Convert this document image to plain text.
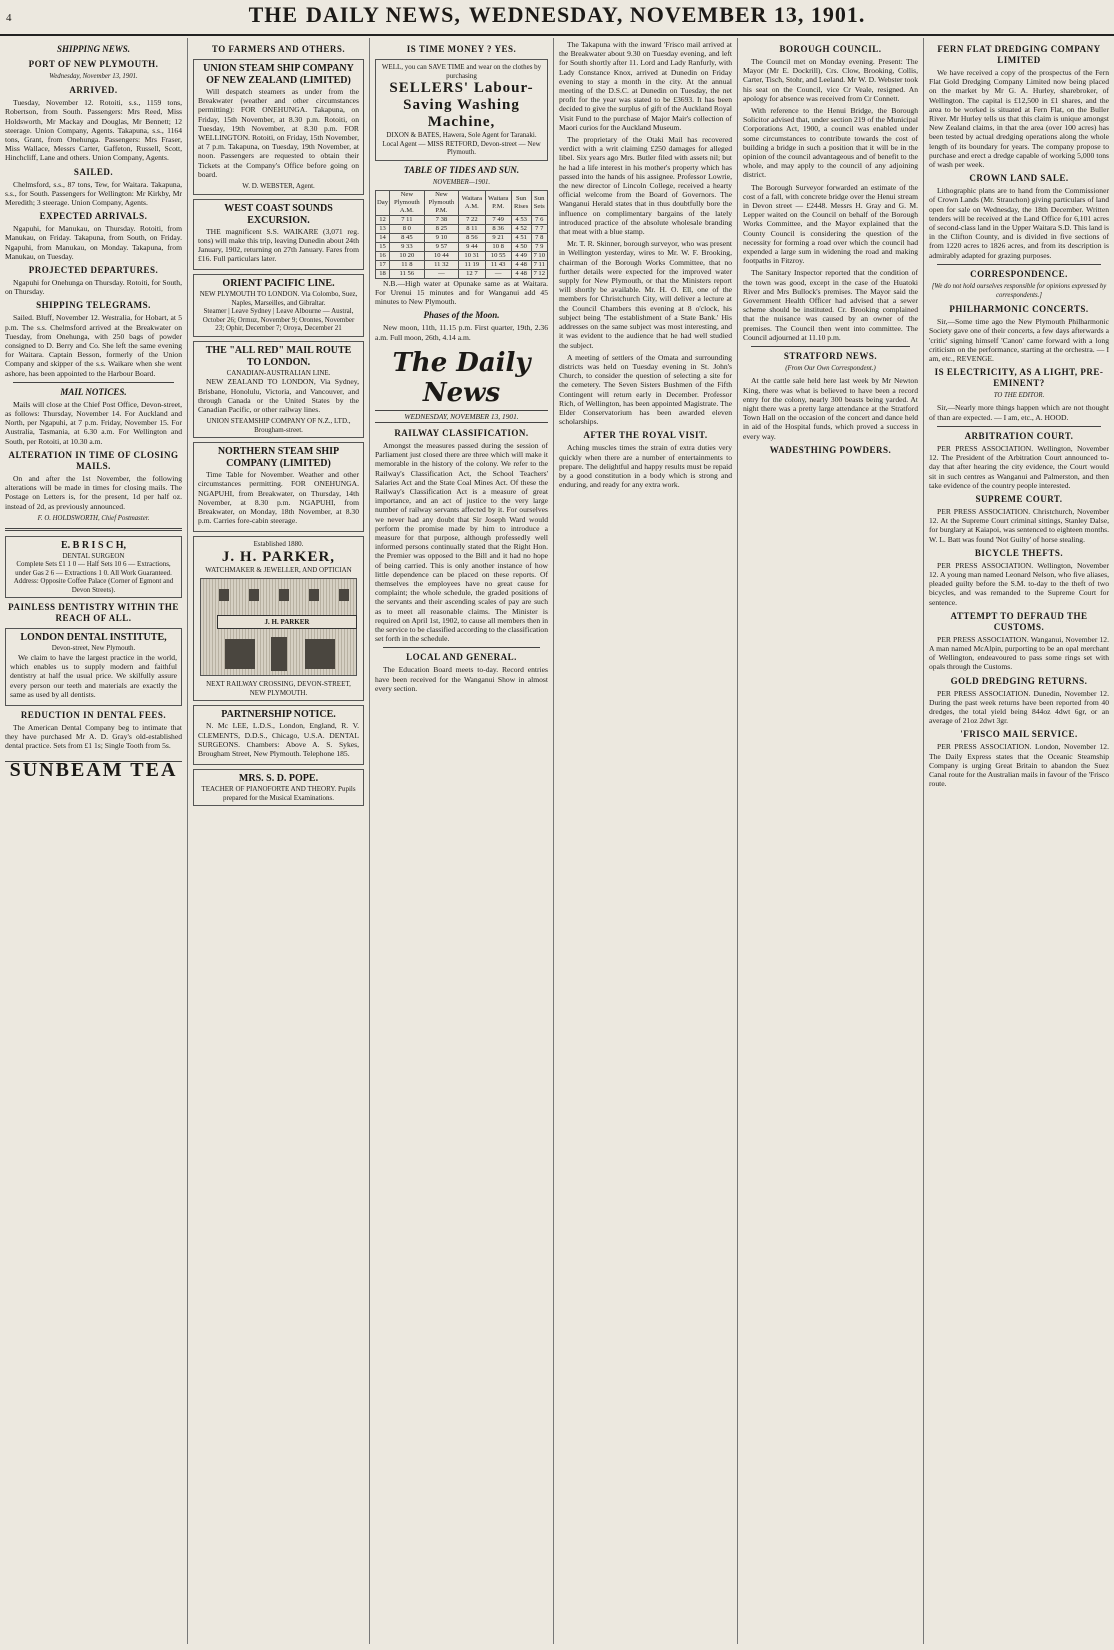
4	THE DAILY NEWS, WEDNESDAY, NOVEMBER 13, 1901.
SHIPPING NEWS.
PORT OF NEW PLYMOUTH.
Wednesday, November 13, 1901.
ARRIVED.

Tuesday, November 12. Rotoiti, s.s., 1159 tons, Robertson, from South. Passengers: Mrs Reed, Miss Holdsworth, Mr Mackay and Douglas, Mr Bennett; 12 steerage. Union Company, Agents. Takapuna, s.s., 1164 tons, Grant, from Onehunga. Passengers: Mrs Fraser, Miss Wallace, Messrs Carter, Gaffeton, Russell, Scott, Hinchcliff, Lane and others. Union Company, Agents.

SAILED.

Chelmsford, s.s., 87 tons, Tew, for Waitara. Takapuna, s.s., for South. Passengers for Wellington: Mr Kirkby, Mr Meredith; 3 steerage. Union Company, Agents.

EXPECTED ARRIVALS.

Ngapuhi, for Manukau, on Thursday. Rotoiti, from Manukau, on Friday. Takapuna, from South, on Friday. Ngapuhi, from Manukau, on Monday. Takapuna, from Manukau, on Tuesday.

PROJECTED DEPARTURES.

Ngapuhi for Onehunga on Thursday. Rotoiti, for South, on Thursday.

SHIPPING TELEGRAMS.

Sailed. Bluff, November 12. Westralia, for Hobart, at 5 p.m. The s.s. Chelmsford arrived at the Breakwater on Tuesday, from Onehunga, with 250 bags of powder consigned to D. Berry and Co. She left the same evening for Waitara. Captain Besson, formerly of the Union Company and skipper of the s.s. Waikare when she went ashore, has been appointed to the Harbour Board.

MAIL NOTICES.

Mails will close at the Chief Post Office, Devon-street, as follows: Thursday, November 14. For Auckland and North, per Ngapuhi, at 7 p.m. Friday, November 15. For Australia, Tasmania, at 6.30 a.m. For Wellington and South, per Rotoiti, at 10.30 a.m.

ALTERATION IN TIME OF CLOSING MAILS.

On and after the 1st November, the following alterations will be made in times for closing mails. The Postage on Letters is, for the present, 1d per half oz. instead of 2d, as previously announced.

F. O. HOLDSWORTH, Chief Postmaster.
E. B R I S C H,
DENTAL SURGEON
Complete Sets £1 1 0 — Half Sets 10 6 — Extractions, under Gas 2 6 — Extractions 1 0. All Work Guaranteed.
Address: Opposite Coffee Palace (Corner of Egmont and Devon Streets).
PAINLESS DENTISTRY WITHIN THE REACH OF ALL.
LONDON DENTAL INSTITUTE,
Devon-street, New Plymouth.

We claim to have the largest practice in the world, which enables us to supply modern and faithful dentistry at half the usual price. We skilfully assure every person our teeth and materials are exactly the same as used by all dentists.

REDUCTION IN DENTAL FEES.

The American Dental Company beg to intimate that they have purchased Mr A. D. Gray's old-established dental practice. Sets from £1 1s; Single Tooth from 5s.

SUNBEAM TEA
TO FARMERS AND OTHERS.
UNION STEAM SHIP COMPANY OF NEW ZEALAND (LIMITED)

Will despatch steamers as under from the Breakwater (weather and other circumstances permitting): FOR ONEHUNGA. Takapuna, on Friday, 15th November, at 8.30 p.m. Rotoiti, on Tuesday, 19th November, at 8.30 p.m. FOR WELLINGTON. Rotoiti, on Friday, 15th November, at 7 p.m. Takapuna, on Tuesday, 19th November, at noon. Passengers are requested to obtain their Tickets at the Company's Office before going on board.

W. D. WEBSTER, Agent.
WEST COAST SOUNDS EXCURSION.

THE magnificent S.S. WAIKARE (3,071 reg. tons) will make this trip, leaving Dunedin about 24th January, 1902, returning on 27th January. Fares from £16. Full particulars later.

ORIENT PACIFIC LINE.
NEW PLYMOUTH TO LONDON. Via Colombo, Suez, Naples, Marseilles, and Gibraltar.
Steamer | Leave Sydney | Leave Albourne — Austral, October 26; Ormuz, November 9; Orontes, November 23; Ophir, December 7; Oroya, December 21
THE "ALL RED" MAIL ROUTE TO LONDON.
CANADIAN-AUSTRALIAN LINE.

NEW ZEALAND TO LONDON, Via Sydney, Brisbane, Honolulu, Victoria, and Vancouver, and through Canada or the United States by the Canadian Pacific, or other railway lines.

UNION STEAMSHIP COMPANY OF N.Z., LTD., Brougham-street.
NORTHERN STEAM SHIP COMPANY (LIMITED)

Time Table for November. Weather and other circumstances permitting. FOR ONEHUNGA. NGAPUHI, from Breakwater, on Thursday, 14th November, at 8.30 p.m. NGAPUHI, from Breakwater, on Monday, 18th November, at 8.30 p.m. Carries fore-cabin steerage.

Established 1880.
J. H. PARKER,
WATCHMAKER & JEWELLER, AND OPTICIAN
J. H. PARKER
NEXT RAILWAY CROSSING, DEVON-STREET, NEW PLYMOUTH.
PARTNERSHIP NOTICE.

N. Mc LEE, L.D.S., London, England, R. V. CLEMENTS, D.D.S., Chicago, U.S.A. DENTAL SURGEONS. Chambers: Above A. S. Sykes, Brougham Street, New Plymouth. Telephone 185.

MRS. S. D. POPE.
TEACHER OF PIANOFORTE AND THEORY. Pupils prepared for the Musical Examinations.
IS TIME MONEY ? YES.
WELL, you can SAVE TIME and wear on the clothes by purchasing
SELLERS' Labour-Saving Washing Machine,
DIXON & BATES, Hawera, Sole Agent for Taranaki.
Local Agent — MISS RETFORD, Devon-street — New Plymouth.
TABLE OF TIDES AND SUN.
NOVEMBER—1901.
Day	New Plymouth A.M.	New Plymouth P.M.	Waitara A.M.	Waitara P.M.	Sun Rises	Sun Sets
12	7 11	7 38	7 22	7 49	4 53	7 6
13	8 0	8 25	8 11	8 36	4 52	7 7
14	8 45	9 10	8 56	9 21	4 51	7 8
15	9 33	9 57	9 44	10 8	4 50	7 9
16	10 20	10 44	10 31	10 55	4 49	7 10
17	11 8	11 32	11 19	11 43	4 48	7 11
18	11 56	—	12 7	—	4 48	7 12

N.B.—High water at Opunake same as at Waitara. For Urenui 15 minutes and for Wanganui add 45 minutes to New Plymouth.

Phases of the Moon.

New moon, 11th, 11.15 p.m. First quarter, 19th, 2.36 a.m. Full moon, 26th, 4.14 a.m.

The Daily News
WEDNESDAY, NOVEMBER 13, 1901.
RAILWAY CLASSIFICATION.

Amongst the measures passed during the session of Parliament just closed there are three which will make it memorable in the history of the colony. We refer to the Railway's Classification Act, the School Teachers' Salaries Act and the State Coal Mines Act. Of these the Railway's Classification Act is a measure of great importance, and an act of justice to the very large number of railway servants affected by it. For ourselves we never had any doubt that Sir Joseph Ward would perform the promise made by him to introduce a measure for that purpose, although professedly well informed persons continually stated that the Right Hon. the Premier was opposed to the Bill and it had no hope of being carried. This is only another instance of how little dependence can be placed on these reports. Of themselves the employees have no great cause for complaint; the whole schedule, the graded positions of the servants and their ascending scales of pay are such as to meet all reasonable claims. The Minister is required on April 1st, 1902, to cause all members then in the service to be classified according to the classification set forth in the schedule.

LOCAL AND GENERAL.

The Education Board meets to-day. Record entries have been received for the Wanganui Show in almost every section.

The Takapuna with the inward 'Frisco mail arrived at the Breakwater about 9.30 on Tuesday evening, and left for South shortly after 11. Lord and Lady Ranfurly, with Lady Constance Knox, arrived at Dunedin on Friday evening to stay a month in the city. At the annual meeting of the D.S.C. at Dunedin on Tuesday, the net profit for the year was stated to be £3693. It has been decided to give the surplus of gift of the Auckland Royal Visit Fund to the purchase of Major Mair's collection of Maori curios for the Auckland Museum.

The proprietary of the Otaki Mail has recovered verdict with a writ claiming £250 damages for alleged libel. Six years ago Mrs. Butler filed with assets nil; but he had a life interest in his mother's property which has passed into the hands of his assignee. Professor Lowrie, the new director of Lincoln College, received a hearty official welcome from the Board of Governors. The Wanganui Herald states that in thus doubtfully bore the influence on complimentary bargains of the lately introduced practice of the absolute wholesale branding that meat with a blue stamp.

Mr. T. R. Skinner, borough surveyor, who was present in Wellington yesterday, wires to Mr. W. F. Brooking, chairman of the Borough Works Committee, that no further details were expected for the improved water supply for New Plymouth, or that the Ministers report will shortly be available. Mr. H. O. Ell, one of the members for Christchurch City, will deliver a lecture at the Council Chambers this evening at 8 o'clock, his subject being 'The establishment of a State Bank.' His addresses on the same subject was most interesting, and it was evident to the audience that he had well studied the subject.

A meeting of settlers of the Omata and surrounding districts was held on Tuesday evening in St. John's Church, to consider the question of selecting a site for the cemetery. The Seven Sisters Bushmen of the Fifth Contingent will return early in December. Professor Rich, of Wellington, has been appointed Magistrate. The Elder Conservatorium has been awarded eleven scholarships.

AFTER THE ROYAL VISIT.

Aching muscles times the strain of extra duties very quickly when there are a number of entertainments to prepare. The delightful and happy results must be repaid by a good constitution in a body which is strong and enduring, and ready for any extra work.

BOROUGH COUNCIL.

The Council met on Monday evening. Present: The Mayor (Mr E. Dockrill), Crs. Clow, Brooking, Collis, Carter, Tisch, Stohr, and Leeland. Mr W. D. Webster took his seat on the Council, vice Cr Veale, resigned. An apology for absence was received from Cr Connett.

With reference to the Henui Bridge, the Borough Solicitor advised that, under section 219 of the Municipal Corporations Act, 1900, a council was enabled under some circumstances to contribute towards the cost of building a bridge in such a position that it will be in the opinion of the council advantageous and of benefit to the whole, and may apply to the council of any adjoining district.

The Borough Surveyor forwarded an estimate of the cost of a fall, with concrete bridge over the Henui stream in Devon street — £2448. Messrs H. Gray and G. M. Lepper waited on the Council on behalf of the Borough Works Committee, and the Mayor explained that the County Council is considering the question of the necessity for forming a road over which the council had expended a large sum in widening the road and making footpaths in Fitzroy.

The Sanitary Inspector reported that the condition of the town was good, except in the case of the Huatoki River and Mrs Bullock's premises. The Mayor said the Government Health Officer had advised that a sewer scheme should be instituted. Cr. Brooking complained that the nuisance was caused by an owner of the premises. The Council then went into committee. The Council adjourned at 11.10 p.m.

STRATFORD NEWS.
(From Our Own Correspondent.)

At the cattle sale held here last week by Mr Newton King, there was what is believed to have been a record entry for the colony, nearly 300 beasts being yarded. At night there was a pretty large attendance at the Stratford Town Hall on the occasion of the concert and dance held in aid of the Hospital funds, which proved a success in every way.

WADESTHING POWDERS.
FERN FLAT DREDGING COMPANY LIMITED

We have received a copy of the prospectus of the Fern Flat Gold Dredging Company Limited now being placed on the market by Mr G. A. Hurley, sharebroker, of Wellington. The capital is £12,500 in £1 shares, and the area to be worked is situated at Fern Flat, on the Buller River. Mr Hurley tells us that this claim is unique amongst New Zealand claims, in that the area (over 100 acres) has been tested by actual dredging operations along the whole length of its boundary for years. The company propose to purchase and erect a dredge capable of working 5,000 tons of wash per week.

CROWN LAND SALE.

Lithographic plans are to hand from the Commissioner of Crown Lands (Mr. Strauchon) giving particulars of land open for sale on Wednesday, the 18th December. Written tenders will be received at the Land Office for 6,101 acres of second-class land in the Upper Waitara S.D. This land is in the Clifton County, and is divided in five sections of from 1220 acres to 1826 acres, and from its description is admirably adapted for grazing purposes.

CORRESPONDENCE.
[We do not hold ourselves responsible for opinions expressed by correspondents.]
PHILHARMONIC CONCERTS.

Sir,—Some time ago the New Plymouth Philharmonic Society gave one of their concerts, a few days afterwards a 'critic' signing himself 'Canon' came forward with a long criticism on the performance, starting at the orchestra. — I am, etc., REVENGE.

IS ELECTRICITY, AS A LIGHT, PRE-EMINENT?
TO THE EDITOR.

Sir,—Nearly more things happen which are not thought of than are expected. — I am, etc., A. HOOD.

ARBITRATION COURT.

PER PRESS ASSOCIATION. Wellington, November 12. The President of the Arbitration Court announced to-day that after hearing the city evidence, the Court would sit in such centres as Wanganui and Palmerston, and then take evidence of the country people interested.

SUPREME COURT.

PER PRESS ASSOCIATION. Christchurch, November 12. At the Supreme Court criminal sittings, Stanley Dalse, for burglary at Kaiapoi, was sentenced to eighteen months. W. L. Batt was found 'Not Guilty' of horse stealing.

BICYCLE THEFTS.

PER PRESS ASSOCIATION. Wellington, November 12. A young man named Leonard Nelson, who five aliases, pleaded guilty before the S.M. to-day to the theft of two bicycles, and was remanded to the Supreme Court for sentence.

ATTEMPT TO DEFRAUD THE CUSTOMS.

PER PRESS ASSOCIATION. Wanganui, November 12. A man named McAlpin, purporting to be an opal merchant of Wellington, endeavoured to pass some rings set with opals through the Customs.

GOLD DREDGING RETURNS.

PER PRESS ASSOCIATION. Dunedin, November 12. During the past week returns have been reported from 40 dredges, the total yield being 844oz 4dwt 6gr, or an average of 21oz 2dwt 3gr.

'FRISCO MAIL SERVICE.

PER PRESS ASSOCIATION. London, November 12. The Daily Express states that the Oceanic Steamship Company is urging Great Britain to abandon the Suez Canal route for the Australian mails in favour of the 'Frisco route.
